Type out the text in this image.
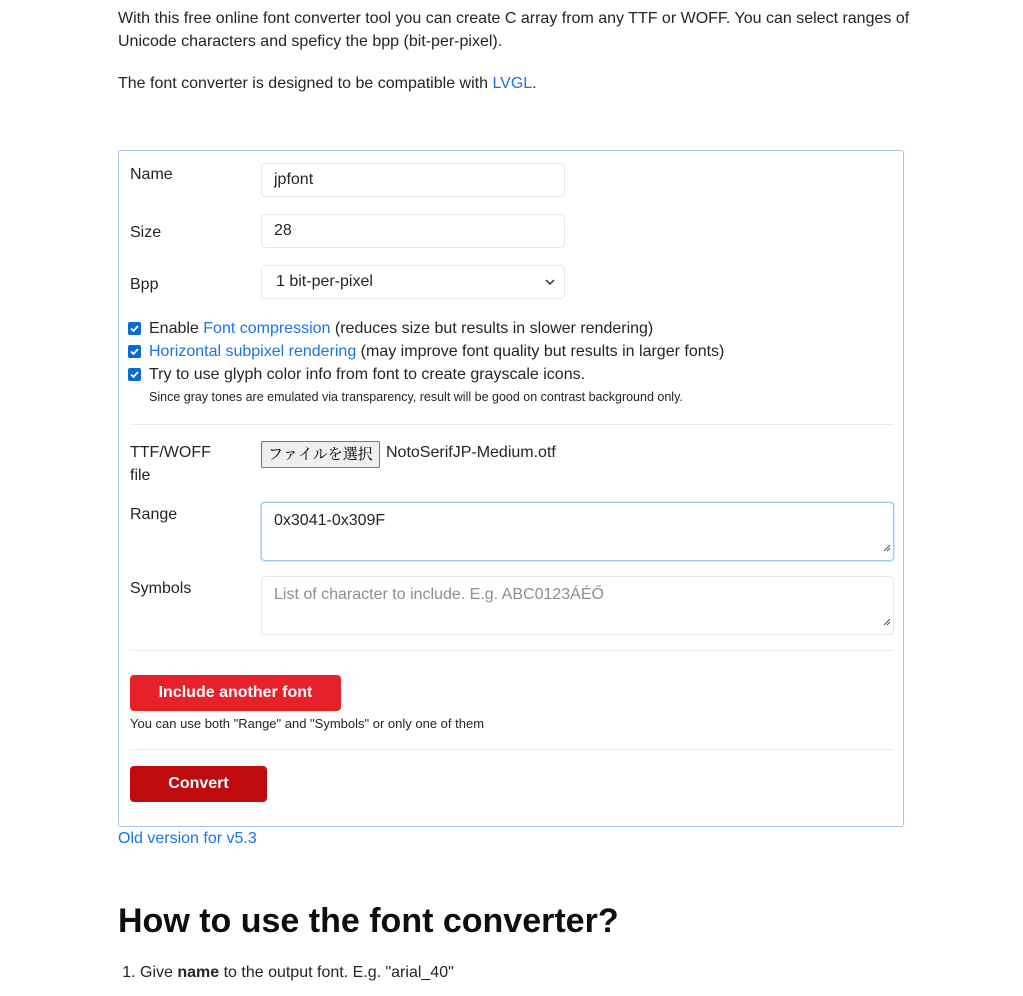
With this free online font converter tool you can create C array from any TTF or WOFF. You can select ranges of Unicode characters and speficy the bpp (bit-per-pixel).

The font converter is designed to be compatible with LVGL.

Name	jpfont
Size	28
Bpp	1 bit-per-pixel
Enable Font compression (reduces size but results in slower rendering)
Horizontal subpixel rendering (may improve font quality but results in larger fonts)
Try to use glyph color info from font to create grayscale icons.
Since gray tones are emulated via transparency, result will be good on contrast background only.
TTF/WOFF
file
ファイルを選択 NotoSerifJP-Medium.otf
Range	0x3041-0x309F
Symbols	List of character to include. E.g. ABC0123ÁÉŐ
Include another font
You can use both "Range" and "Symbols" or only one of them
Convert
Old version for v5.3
How to use the font converter?
1. Give name to the output font. E.g. "arial_40"
